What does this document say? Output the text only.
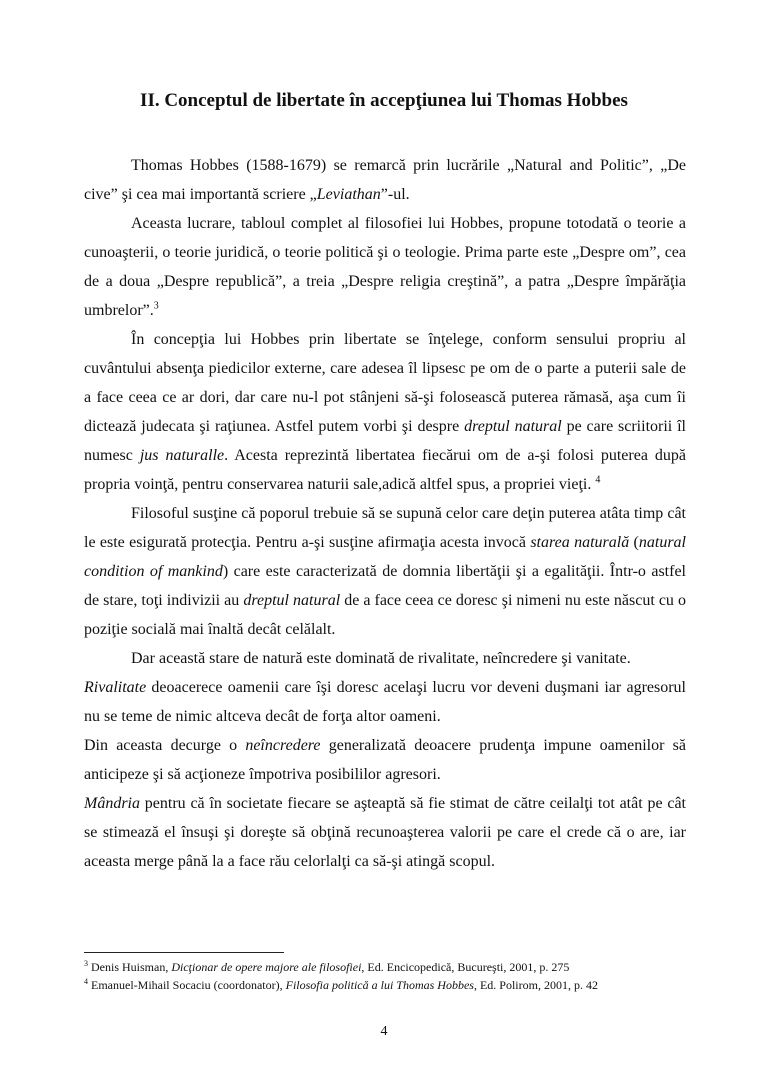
II. Conceptul de libertate în accepţiunea lui Thomas Hobbes

Thomas Hobbes (1588-1679) se remarcă prin lucrările „Natural and Politic”, „De cive” şi cea mai importantă scriere „Leviathan”-ul.

Aceasta lucrare, tabloul complet al filosofiei lui Hobbes, propune totodată o teorie a cunoaşterii, o teorie juridică, o teorie politică şi o teologie. Prima parte este „Despre om”, cea de a doua „Despre republică”, a treia „Despre religia creştină”, a patra „Despre împărăţia umbrelor”.$^3$

În concepţia lui Hobbes prin libertate se înţelege, conform sensului propriu al cuvântului absenţa piedicilor externe, care adesea îl lipsesc pe om de o parte a puterii sale de a face ceea ce ar dori, dar care nu-l pot stânjeni să-şi folosească puterea rămasă, aşa cum îi dictează judecata şi raţiunea. Astfel putem vorbi şi despre dreptul natural pe care scriitorii îl numesc jus naturalle. Acesta reprezintă libertatea fiecărui om de a-şi folosi puterea după propria voinţă, pentru conservarea naturii sale,adică altfel spus, a propriei vieţi. $^4$

Filosoful susţine că poporul trebuie să se supună celor care deţin puterea atâta timp cât le este esigurată protecţia. Pentru a-şi susţine afirmaţia acesta invocă starea naturală (natural condition of mankind) care este caracterizată de domnia libertăţii şi a egalităţii. Într-o astfel de stare, toţi indivizii au dreptul natural de a face ceea ce doresc şi nimeni nu este născut cu o poziţie socială mai înaltă decât celălalt.

Dar această stare de natură este dominată de rivalitate, neîncredere şi vanitate.

Rivalitate deoacerece oamenii care îşi doresc acelaşi lucru vor deveni duşmani iar agresorul nu se teme de nimic altceva decât de forţa altor oameni.

Din aceasta decurge o neîncredere generalizată deoacere prudenţa impune oamenilor să anticipeze şi să acţioneze împotriva posibililor agresori.

Mândria pentru că în societate fiecare se aşteaptă să fie stimat de către ceilalţi tot atât pe cât se stimează el însuşi şi doreşte să obţină recunoaşterea valorii pe care el crede că o are, iar aceasta merge până la a face rău celorlalţi ca să-şi atingă scopul.

$^3$ Denis Huisman, Dicţionar de opere majore ale filosofiei, Ed. Encicopedică, Bucureşti, 2001, p. 275

$^4$ Emanuel-Mihail Socaciu (coordonator), Filosofia politică a lui Thomas Hobbes, Ed. Polirom, 2001, p. 42

4
